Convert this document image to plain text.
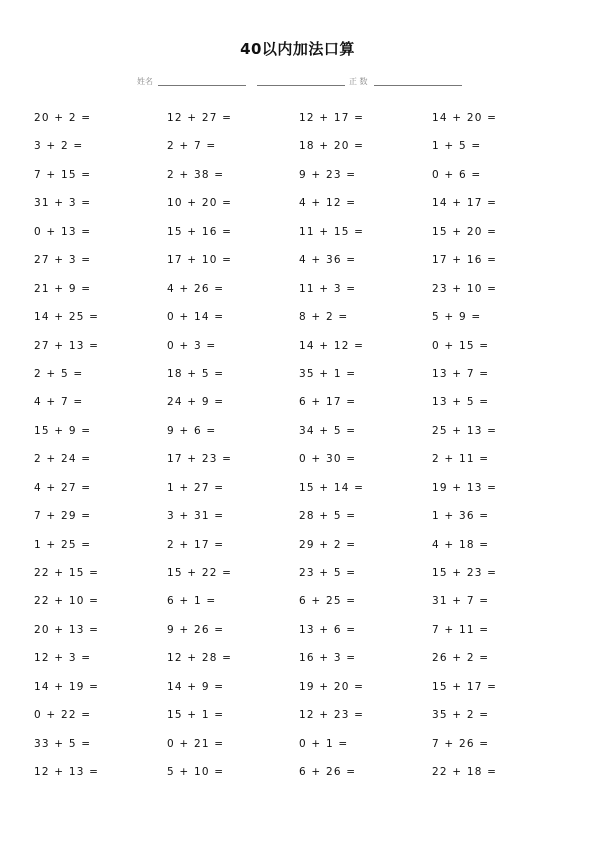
40以内加法口算
姓名	正 数
20 + 2 =	12 + 27 =	12 + 17 =	14 + 20 =
3 + 2 =	2 + 7 =	18 + 20 =	1 + 5 =
7 + 15 =	2 + 38 =	9 + 23 =	0 + 6 =
31 + 3 =	10 + 20 =	4 + 12 =	14 + 17 =
0 + 13 =	15 + 16 =	11 + 15 =	15 + 20 =
27 + 3 =	17 + 10 =	4 + 36 =	17 + 16 =
21 + 9 =	4 + 26 =	11 + 3 =	23 + 10 =
14 + 25 =	0 + 14 =	8 + 2 =	5 + 9 =
27 + 13 =	0 + 3 =	14 + 12 =	0 + 15 =
2 + 5 =	18 + 5 =	35 + 1 =	13 + 7 =
4 + 7 =	24 + 9 =	6 + 17 =	13 + 5 =
15 + 9 =	9 + 6 =	34 + 5 =	25 + 13 =
2 + 24 =	17 + 23 =	0 + 30 =	2 + 11 =
4 + 27 =	1 + 27 =	15 + 14 =	19 + 13 =
7 + 29 =	3 + 31 =	28 + 5 =	1 + 36 =
1 + 25 =	2 + 17 =	29 + 2 =	4 + 18 =
22 + 15 =	15 + 22 =	23 + 5 =	15 + 23 =
22 + 10 =	6 + 1 =	6 + 25 =	31 + 7 =
20 + 13 =	9 + 26 =	13 + 6 =	7 + 11 =
12 + 3 =	12 + 28 =	16 + 3 =	26 + 2 =
14 + 19 =	14 + 9 =	19 + 20 =	15 + 17 =
0 + 22 =	15 + 1 =	12 + 23 =	35 + 2 =
33 + 5 =	0 + 21 =	0 + 1 =	7 + 26 =
12 + 13 =	5 + 10 =	6 + 26 =	22 + 18 =
